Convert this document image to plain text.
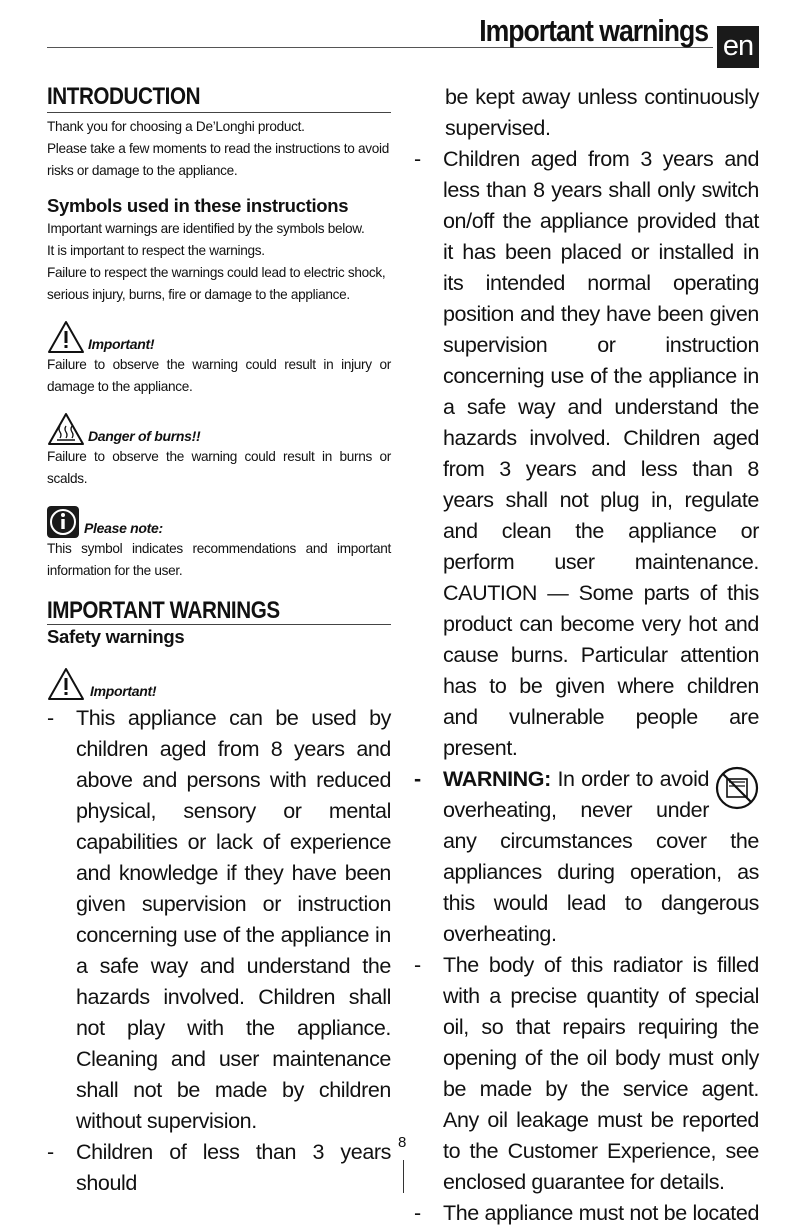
Important warnings en
INTRODUCTION

Thank you for choosing a De’Longhi product.

Please take a few moments to read the instructions to avoid risks or damage to the appliance.

Symbols used in these instructions

Important warnings are identified by the symbols below.

It is important to respect the warnings.

Failure to respect the warnings could lead to electric shock, serious injury, burns, fire or damage to the appliance.

Important!
Failure to observe the warning could result in injury or damage to the appliance.
Danger of burns!!
Failure to observe the warning could result in burns or scalds.
Please note:
This symbol indicates recommendations and important information for the user.
IMPORTANT WARNINGS
Safety warnings
Important!
- This appliance can be used by children aged from 8 years and above and persons with reduced physical, sensory or mental capabilities or lack of experience and knowledge if they have been given supervision or instruction concerning use of the appliance in a safe way and understand the hazards involved. Children shall not play with the appliance. Cleaning and user maintenance shall not be made by children without supervision.
- Children of less than 3 years should
be kept away unless continuously supervised.
- Children aged from 3 years and less than 8 years shall only switch on/off the appliance provided that it has been placed or installed in its intended normal operating position and they have been given supervision or instruction concerning use of the appliance in a safe way and understand the hazards involved. Children aged from 3 years and less than 8 years shall not plug in, regulate and clean the appliance or perform user maintenance. CAUTION — Some parts of this product can become very hot and cause burns. Particular attention has to be given where children and vulnerable people are present.
- WARNING: In order to avoid overheating, never under any circumstances cover the appliances during operation, as this would lead to dangerous overheating.
- The body of this radiator is filled with a precise quantity of special oil, so that repairs requiring the opening of the oil body must only be made by the service agent. Any oil leakage must be reported to the Customer Experience, see enclosed guarantee for details.
- The appliance must not be located
8
